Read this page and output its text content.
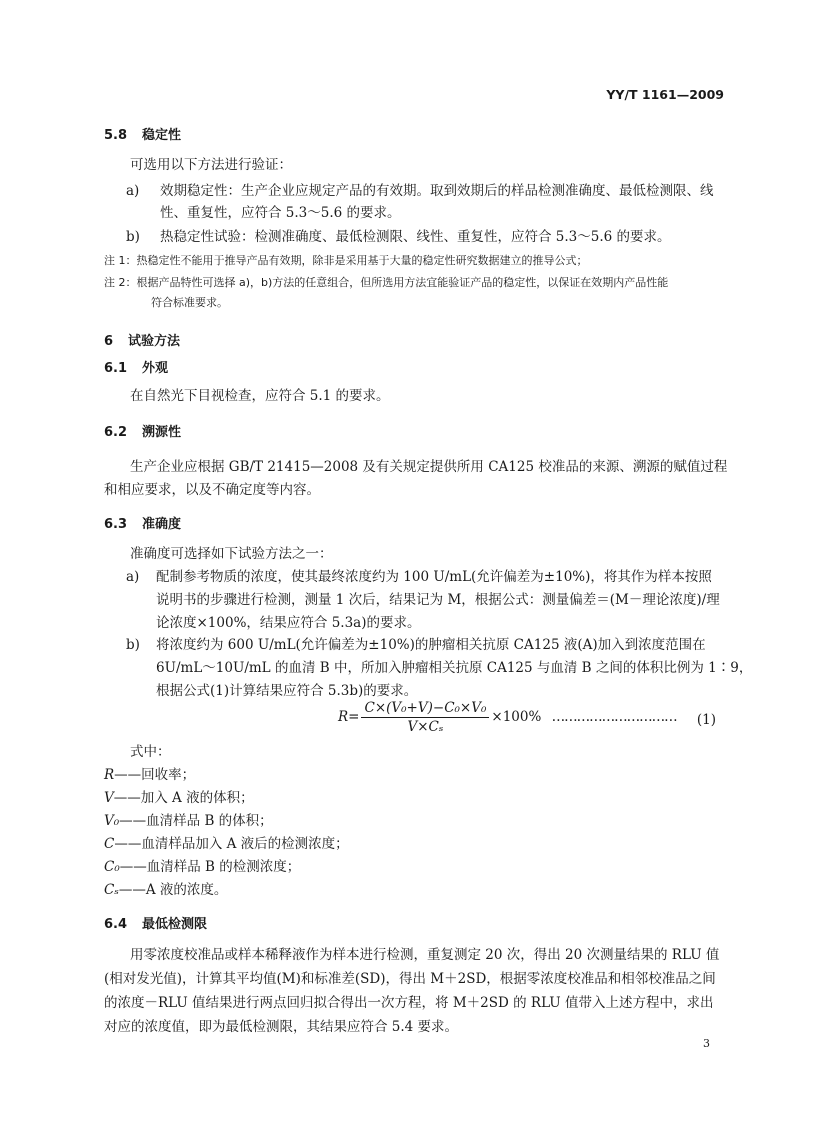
YY/T 1161—2009
5.8 稳定性
可选用以下方法进行验证：
a) 效期稳定性：生产企业应规定产品的有效期。取到效期后的样品检测准确度、最低检测限、线
性、重复性，应符合 5.3～5.6 的要求。
b) 热稳定性试验：检测准确度、最低检测限、线性、重复性，应符合 5.3～5.6 的要求。
注 1：热稳定性不能用于推导产品有效期，除非是采用基于大量的稳定性研究数据建立的推导公式；
注 2：根据产品特性可选择 a)，b)方法的任意组合，但所选用方法宜能验证产品的稳定性，以保证在效期内产品性能
符合标准要求。
6 试验方法
6.1 外观
在自然光下目视检查，应符合 5.1 的要求。
6.2 溯源性
生产企业应根据 GB/T 21415—2008 及有关规定提供所用 CA125 校准品的来源、溯源的赋值过程
和相应要求，以及不确定度等内容。
6.3 准确度
准确度可选择如下试验方法之一：
a) 配制参考物质的浓度，使其最终浓度约为 100 U/mL(允许偏差为±10%)，将其作为样本按照
说明书的步骤进行检测，测量 1 次后，结果记为 M，根据公式：测量偏差＝(M－理论浓度)/理
论浓度×100%，结果应符合 5.3a)的要求。
b) 将浓度约为 600 U/mL(允许偏差为±10%)的肿瘤相关抗原 CA125 液(A)加入到浓度范围在
6U/mL～10U/mL 的血清 B 中，所加入肿瘤相关抗原 CA125 与血清 B 之间的体积比例为 1∶9，
根据公式(1)计算结果应符合 5.3b)的要求。
$R= \frac{\text{C×(V₀+V)−C₀×V₀}}{\text{V×Cₛ}} \times 100\%$ ………………………… (1)
式中：
R——回收率；
V——加入 A 液的体积；
V₀——血清样品 B 的体积；
C——血清样品加入 A 液后的检测浓度；
C₀——血清样品 B 的检测浓度；
Cₛ——A 液的浓度。
6.4 最低检测限
用零浓度校准品或样本稀释液作为样本进行检测，重复测定 20 次，得出 20 次测量结果的 RLU 值
(相对发光值)，计算其平均值(M)和标准差(SD)，得出 M＋2SD，根据零浓度校准品和相邻校准品之间
的浓度－RLU 值结果进行两点回归拟合得出一次方程，将 M＋2SD 的 RLU 值带入上述方程中，求出
对应的浓度值，即为最低检测限，其结果应符合 5.4 要求。
3
